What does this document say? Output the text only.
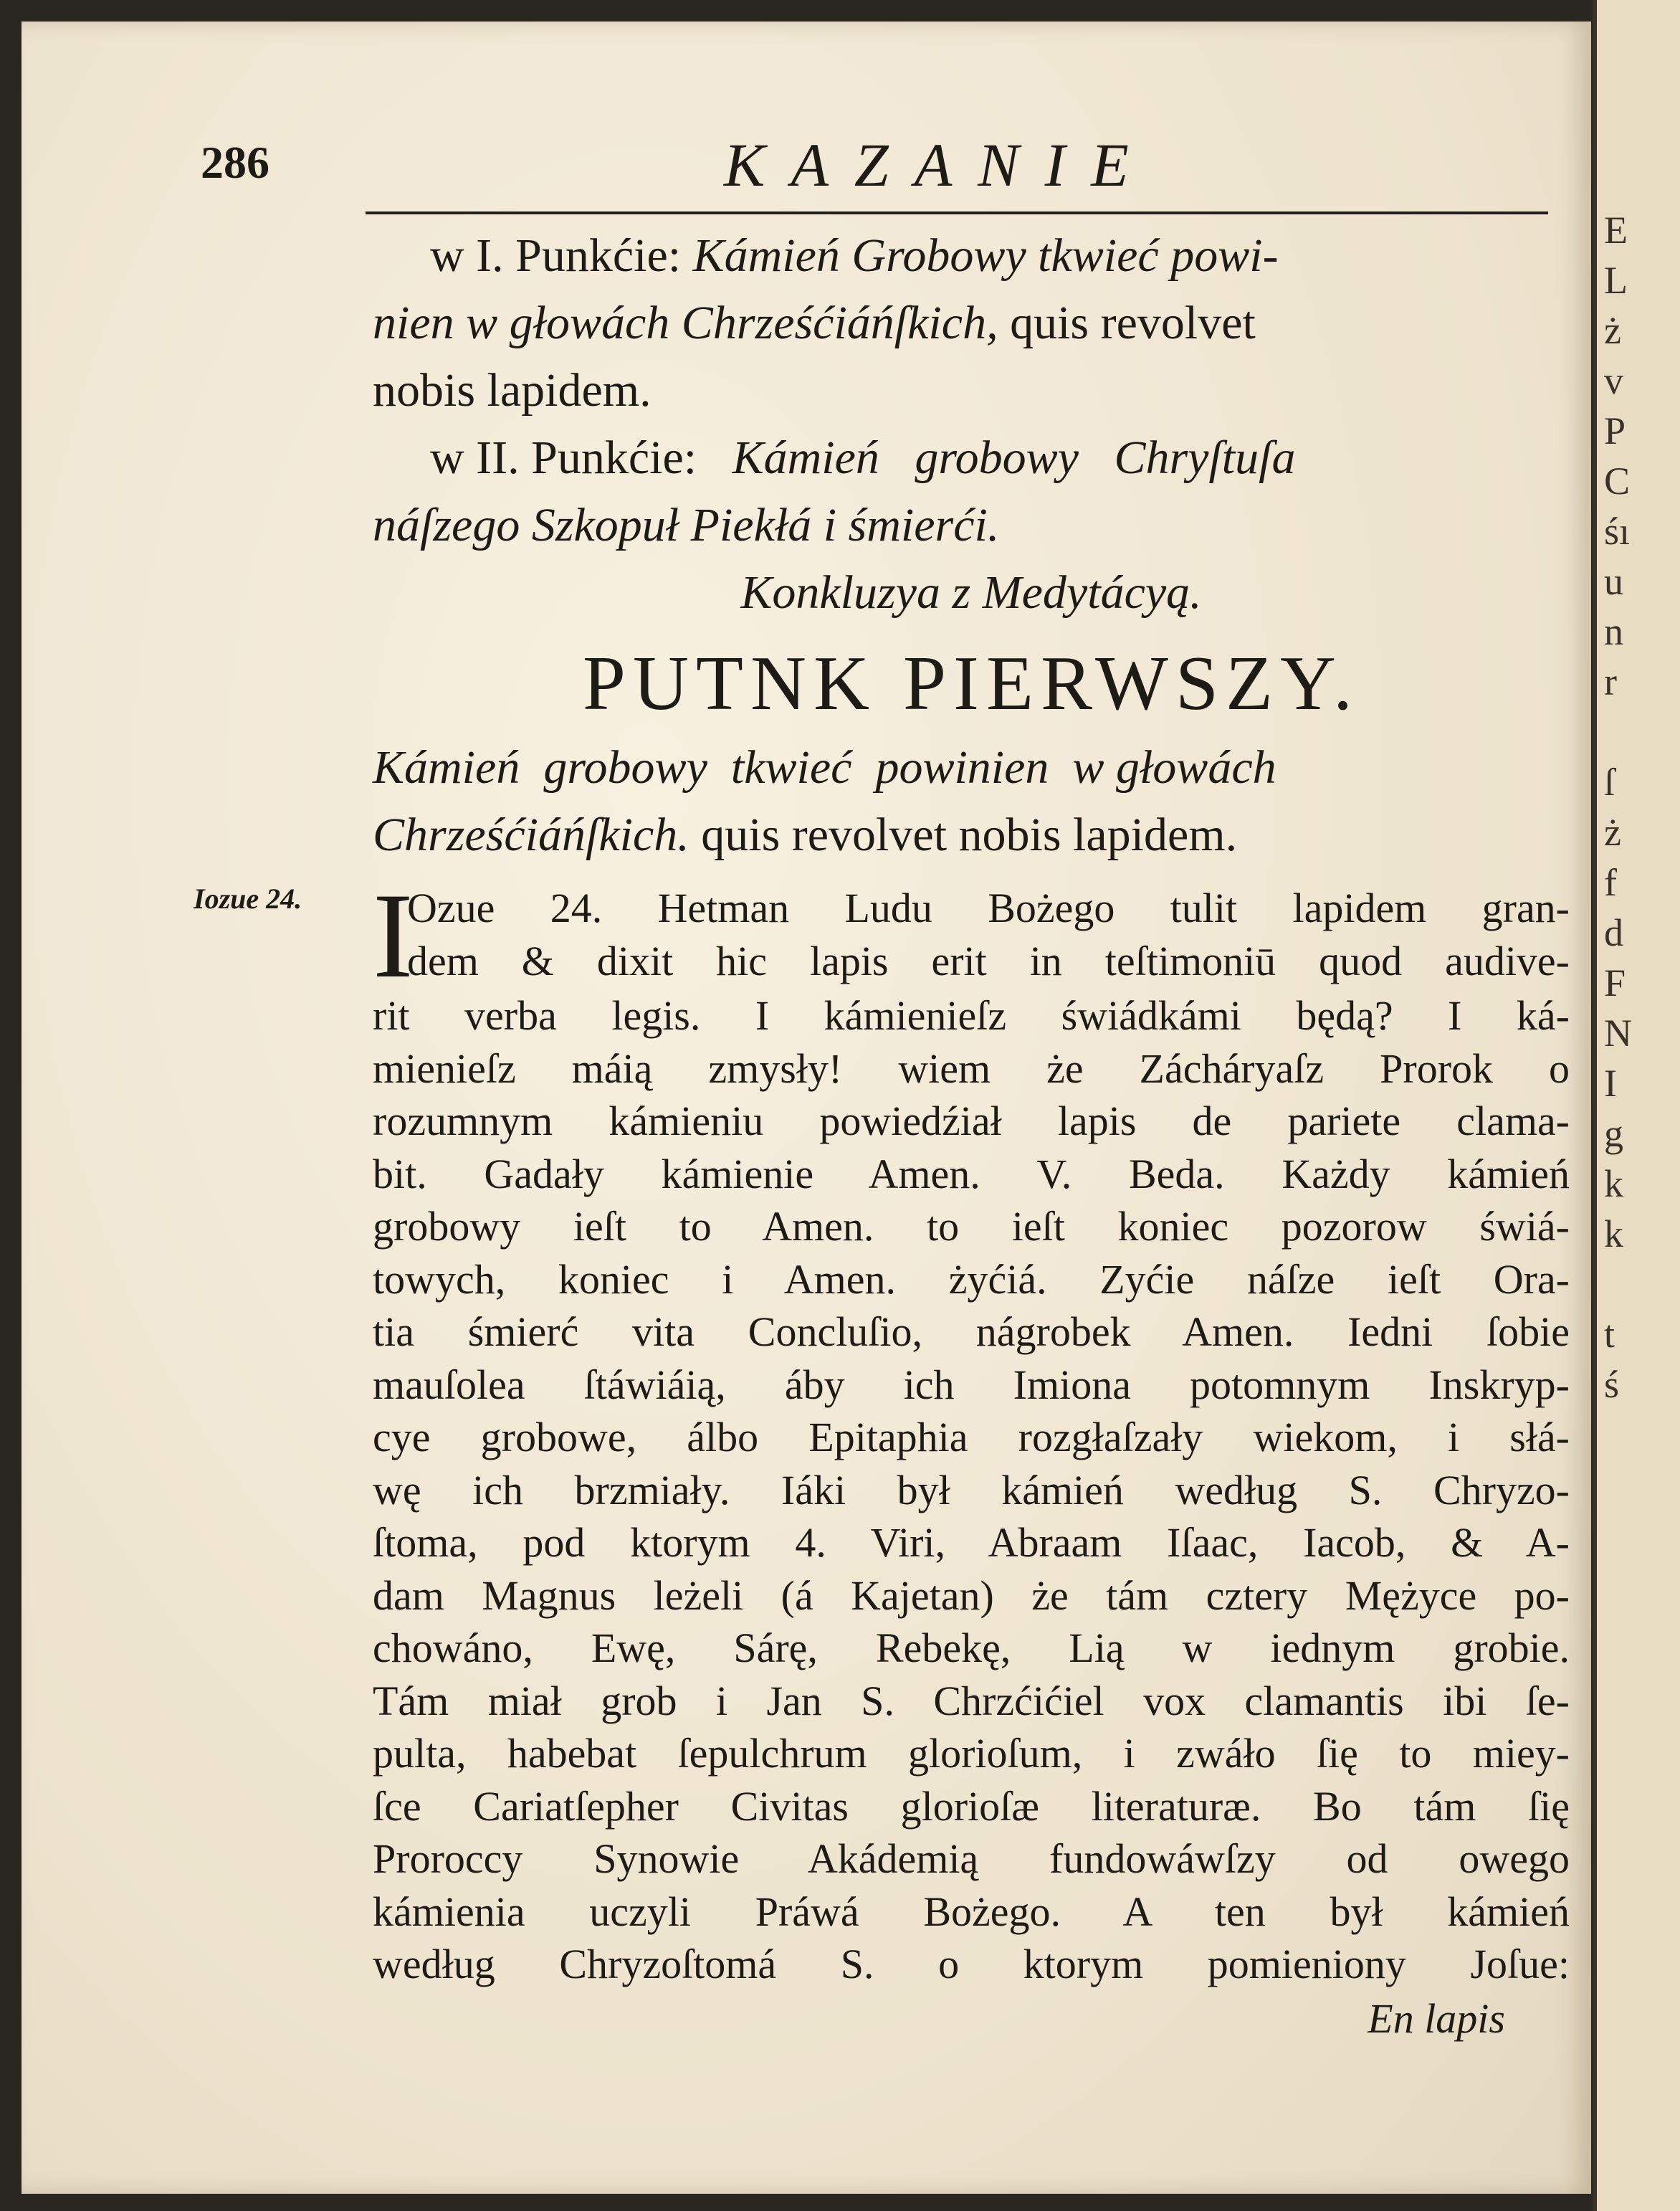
286	KAZANIE
Iozue 24.
w I. Punkćie: Kámień Grobowy tkwieć powi-
nien w głowách Chrześćiáńſkich, quis revolvet
nobis lapidem.
w II. Punkćie:   Kámień   grobowy   Chryſtuſa
náſzego Szkopuł Piekłá i śmierći.
Konkluzya z Medytácyą.
PUTNK PIERWSZY.
Kámień  grobowy  tkwieć  powinien  w głowách
Chrześćiáńſkich. quis revolvet nobis lapidem.
I
Ozue 24. Hetman Ludu Bożego tulit lapidem gran-
dem & dixit hic lapis erit in teſtimoniū quod audive-
rit verba legis. I kámienieſz świádkámi będą? I ká-
mienieſz máią zmysły! wiem że Zácháryaſz Prorok o
rozumnym kámieniu powiedźiał lapis de pariete clama-
bit. Gadały kámienie Amen. V. Beda. Każdy kámień
grobowy ieſt to Amen. to ieſt koniec pozorow świá-
towych, koniec i Amen. żyćiá. Zyćie náſze ieſt Ora-
tia śmierć vita Concluſio, nágrobek Amen. Iedni ſobie
mauſolea ſtáwiáią, áby ich Imiona potomnym Inskryp-
cye grobowe, álbo Epitaphia rozgłaſzały wiekom, i słá-
wę ich brzmiały. Iáki był kámień według S. Chryzo-
ſtoma, pod ktorym 4. Viri, Abraam Iſaac, Iacob, & A-
dam Magnus leżeli (á Kajetan) że tám cztery Mężyce po-
chowáno, Ewę, Sárę, Rebekę, Lią w iednym grobie.
Tám miał grob i Jan S. Chrzćićiel vox clamantis ibi ſe-
pulta, habebat ſepulchrum glorioſum, i zwáło ſię to miey-
ſce Cariatſepher Civitas glorioſæ literaturæ. Bo tám ſię
Proroccy Synowie Akádemią fundowáwſzy od owego
kámienia uczyli Práwá Bożego. A ten był kámień
według Chryzoſtomá S. o ktorym pomieniony Joſue:
En lapis
E
L
ż
v
P
C
śı
u
n
r
ſ
ż
f
d
F
N
I
g
k
k
t
ś
